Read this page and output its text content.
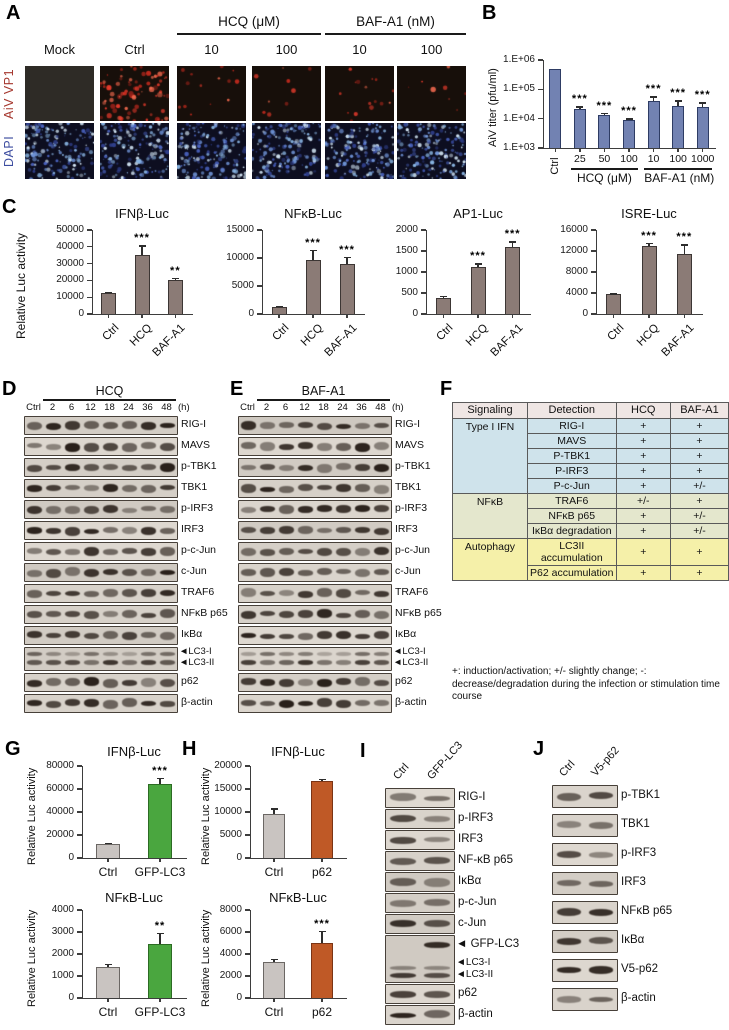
A	HCQ (μM)	BAF-A1 (nM)
Mock	Ctrl	10	100	10	100
AiV VP1
DAPI
B
AiV titer (pfu/ml)
1.E+03
1.E+04
1.E+05
1.E+06
***
*** ***
*** *** ***
Ctrl	25	50 100 10 100 1000
HCQ (μM)	BAF-A1 (nM)
C
Relative Luc activity
IFNβ-Luc
0
10000
20000
30000
40000
50000
***
**
Ctrl HCQ
BAF-A1
NFκB-Luc
0
5000
10000
15000
***
***
Ctrl HCQ
BAF-A1
AP1-Luc
0
500
1000
1500
2000
***
***
Ctrl HCQ
BAF-A1
ISRE-Luc
0
4000
8000
12000
16000
***	***
Ctrl HCQ
BAF-A1
D	HCQ
Ctrl 2	6	12 18 24 36 48 (h)
RIG-I
MAVS
p-TBK1
TBK1
p-IRF3
IRF3
p-c-Jun
c-Jun
TRAF6
NFκB p65
IκBα
◄LC3-I
◄LC3-II
p62
β-actin
E	BAF-A1
Ctrl 2	6	12 18 24 36 48 (h)
RIG-I
MAVS
p-TBK1
TBK1
p-IRF3
IRF3
p-c-Jun
c-Jun
TRAF6
NFκB p65
IκBα
◄LC3-I
◄LC3-II
p62
β-actin
F
Signaling	Detection	HCQ	BAF-A1
Type I IFN	RIG-I	+	+
	MAVS	+	+
	P-TBK1	+	+
	P-IRF3	+	+
	P-c-Jun	+	+/-
NFκB	TRAF6	+/-	+
	NFκB p65	+	+/-
	IκBα degradation	+	+/-
Autophagy	LC3II accumulation	+	+
	P62 accumulation	+	+
+: induction/activation; +/- slightly change; -: decrease/degradation during the infection or stimulation time course
G	IFNβ-Luc
Relative Luc activity	0
20000
40000
60000
80000	***
Ctrl	GFP-LC3
NFκB-Luc
Relative Luc activity	0
1000
2000
3000
4000
**
Ctrl	GFP-LC3
H	IFNβ-Luc
Relative Luc activity	0
5000
10000
15000
20000
Ctrl	p62
NFκB-Luc
Relative Luc activity	0
2000
4000
6000
8000
***
Ctrl	p62
I
Ctrl GFP-LC3
RIG-I
p-IRF3
IRF3
NF-κB p65
IκBα
p-c-Jun
c-Jun
◄ GFP-LC3
◄LC3-I
◄LC3-II
p62
β-actin
J
Ctrl V5-p62
p-TBK1
TBK1
p-IRF3
IRF3
NFκB p65
IκBα
V5-p62
β-actin
